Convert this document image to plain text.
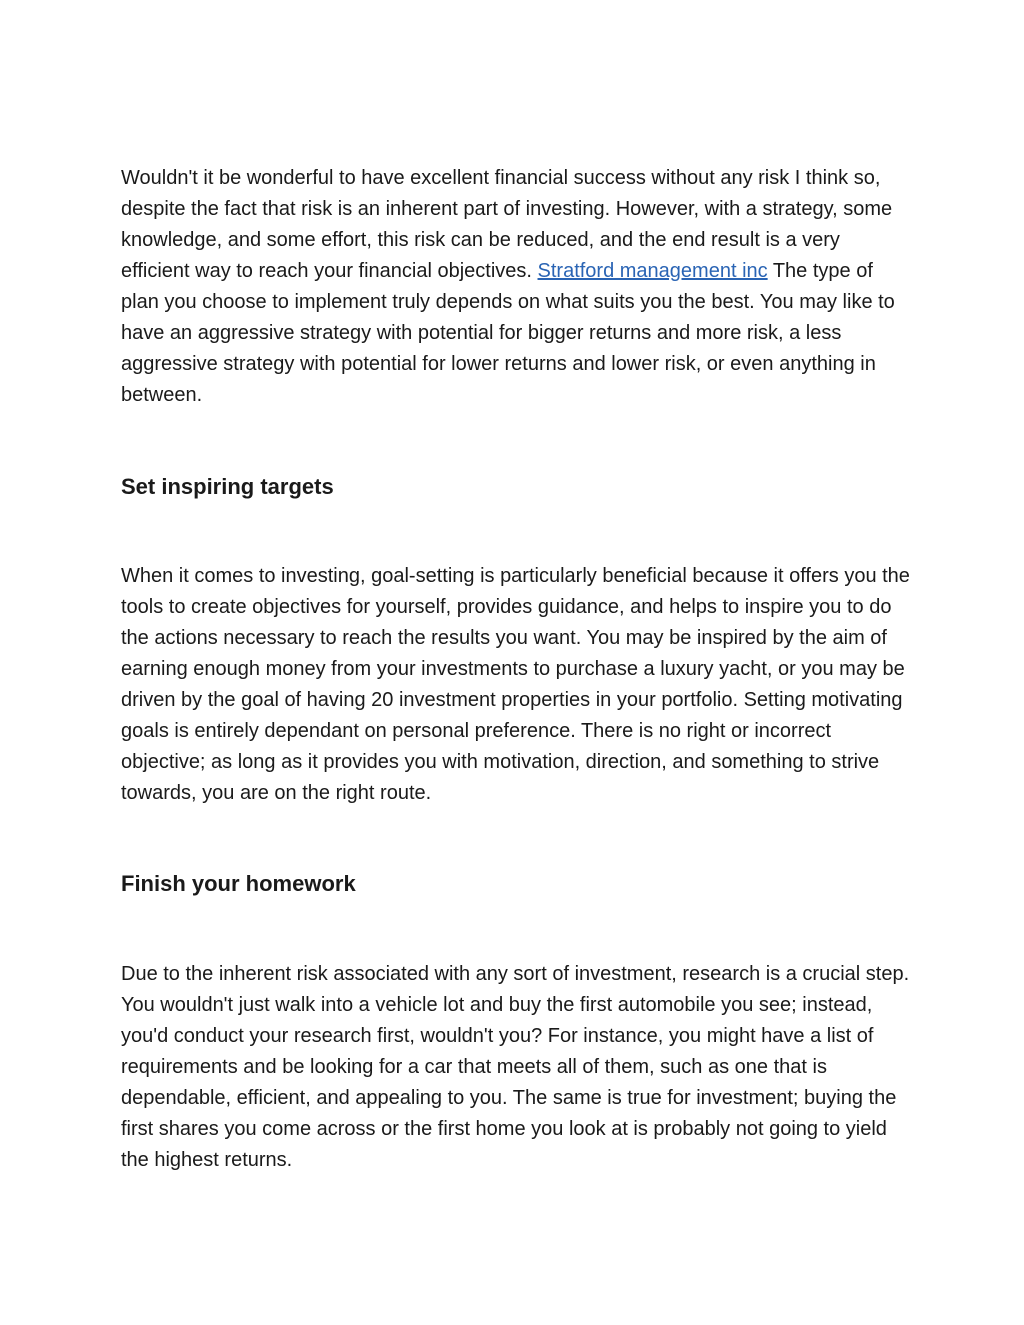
Wouldn't it be wonderful to have excellent financial success without any risk I think so, despite the fact that risk is an inherent part of investing. However, with a strategy, some knowledge, and some effort, this risk can be reduced, and the end result is a very efficient way to reach your financial objectives. Stratford management inc The type of plan you choose to implement truly depends on what suits you the best. You may like to have an aggressive strategy with potential for bigger returns and more risk, a less aggressive strategy with potential for lower returns and lower risk, or even anything in between.

Set inspiring targets

When it comes to investing, goal-setting is particularly beneficial because it offers you the tools to create objectives for yourself, provides guidance, and helps to inspire you to do the actions necessary to reach the results you want. You may be inspired by the aim of earning enough money from your investments to purchase a luxury yacht, or you may be driven by the goal of having 20 investment properties in your portfolio. Setting motivating goals is entirely dependant on personal preference. There is no right or incorrect objective; as long as it provides you with motivation, direction, and something to strive towards, you are on the right route.

Finish your homework

Due to the inherent risk associated with any sort of investment, research is a crucial step. You wouldn't just walk into a vehicle lot and buy the first automobile you see; instead, you'd conduct your research first, wouldn't you? For instance, you might have a list of requirements and be looking for a car that meets all of them, such as one that is dependable, efficient, and appealing to you. The same is true for investment; buying the first shares you come across or the first home you look at is probably not going to yield the highest returns.
